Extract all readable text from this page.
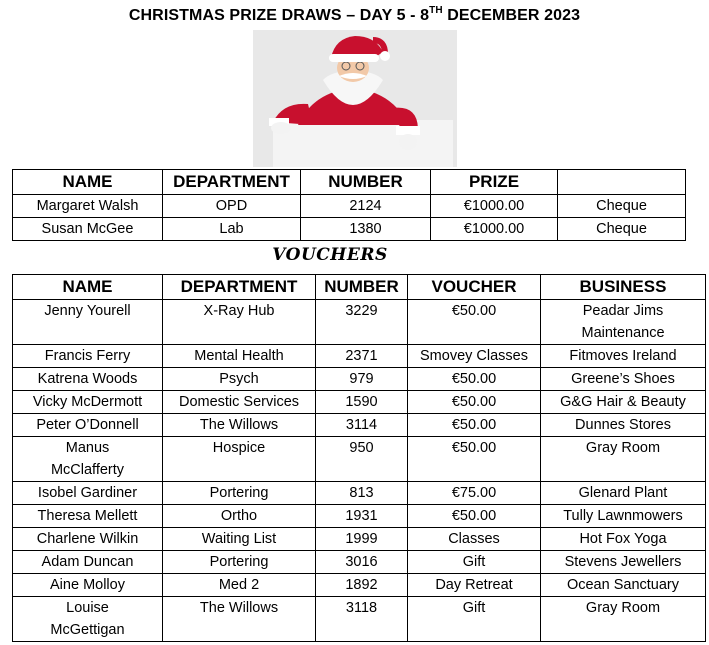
CHRISTMAS PRIZE DRAWS – DAY 5 - 8TH DECEMBER 2023
NAME	DEPARTMENT	NUMBER	PRIZE	
Margaret Walsh	OPD	2124	€1000.00	Cheque
Susan McGee	Lab	1380	€1000.00	Cheque
VOUCHERS
NAME	DEPARTMENT	NUMBER	VOUCHER	BUSINESS
Jenny Yourell	X-Ray Hub	3229	€50.00	Peadar Jims Maintenance
Francis Ferry	Mental Health	2371	Smovey Classes	Fitmoves Ireland
Katrena Woods	Psych	979	€50.00	Greene’s Shoes
Vicky McDermott	Domestic Services	1590	€50.00	G&G Hair & Beauty
Peter O’Donnell	The Willows	3114	€50.00	Dunnes Stores
Manus McClafferty	Hospice	950	€50.00	Gray Room
Isobel Gardiner	Portering	813	€75.00	Glenard Plant
Theresa Mellett	Ortho	1931	€50.00	Tully Lawnmowers
Charlene Wilkin	Waiting List	1999	Classes	Hot Fox Yoga
Adam Duncan	Portering	3016	Gift	Stevens Jewellers
Aine Molloy	Med 2	1892	Day Retreat	Ocean Sanctuary
Louise McGettigan	The Willows	3118	Gift	Gray Room
